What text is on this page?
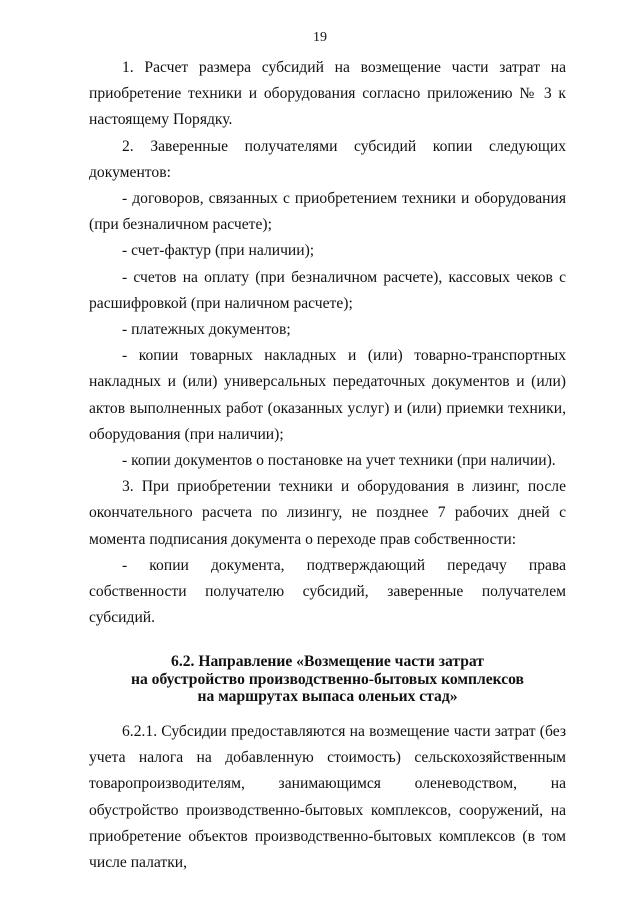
19

1. Расчет размера субсидий на возмещение части затрат на приобретение техники и оборудования согласно приложению № 3 к настоящему Порядку.

2. Заверенные получателями субсидий копии следующих документов:

- договоров, связанных с приобретением техники и оборудования (при безналичном расчете);

- счет-фактур (при наличии);

- счетов на оплату (при безналичном расчете), кассовых чеков с расшифровкой (при наличном расчете);

- платежных документов;

- копии товарных накладных и (или) товарно-транспортных накладных и (или) универсальных передаточных документов и (или) актов выполненных работ (оказанных услуг) и (или) приемки техники, оборудования (при наличии);

- копии документов о постановке на учет техники (при наличии).

3. При приобретении техники и оборудования в лизинг, после окончательного расчета по лизингу, не позднее 7 рабочих дней с момента подписания документа о переходе прав собственности:

- копии документа, подтверждающий передачу права собственности получателю субсидий, заверенные получателем субсидий.

6.2. Направление «Возмещение части затрат
на обустройство производственно-бытовых комплексов
на маршрутах выпаса оленьих стад»

6.2.1. Субсидии предоставляются на возмещение части затрат (без учета налога на добавленную стоимость) сельскохозяйственным товаропроизводителям, занимающимся оленеводством, на обустройство производственно-бытовых комплексов, сооружений, на приобретение объектов производственно-бытовых комплексов (в том числе палатки,
